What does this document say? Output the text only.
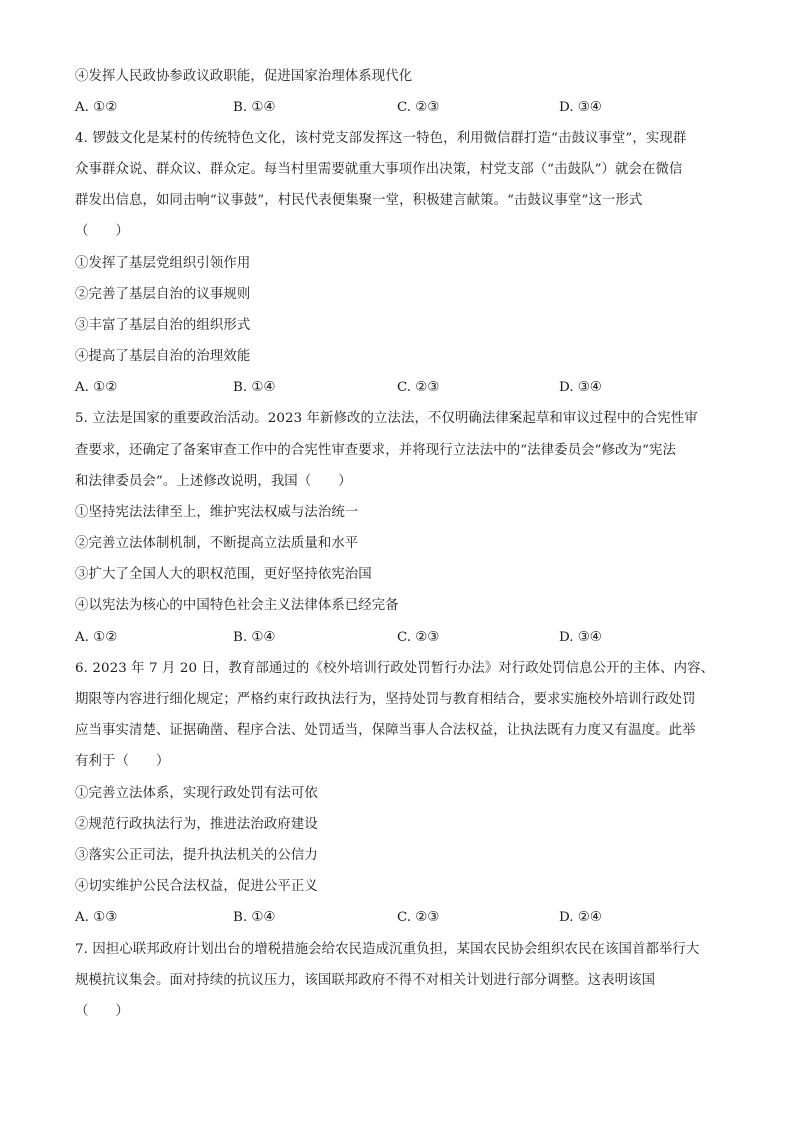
④发挥人民政协参政议政职能，促进国家治理体系现代化
A. ①②	B. ①④	C. ②③	D. ③④
4. 锣鼓文化是某村的传统特色文化，该村党支部发挥这一特色，利用微信群打造“击鼓议事堂”，实现群
众事群众说、群众议、群众定。每当村里需要就重大事项作出决策，村党支部（“击鼓队”）就会在微信
群发出信息，如同击响“议事鼓”，村民代表便集聚一堂，积极建言献策。“击鼓议事堂”这一形式
（　　）
①发挥了基层党组织引领作用
②完善了基层自治的议事规则
③丰富了基层自治的组织形式
④提高了基层自治的治理效能
A. ①②	B. ①④	C. ②③	D. ③④
5. 立法是国家的重要政治活动。2023 年新修改的立法法，不仅明确法律案起草和审议过程中的合宪性审
查要求，还确定了备案审查工作中的合宪性审查要求，并将现行立法法中的“法律委员会”修改为“宪法
和法律委员会”。上述修改说明，我国（　　）
①坚持宪法法律至上，维护宪法权威与法治统一
②完善立法体制机制，不断提高立法质量和水平
③扩大了全国人大的职权范围，更好坚持依宪治国
④以宪法为核心的中国特色社会主义法律体系已经完备
A. ①②	B. ①④	C. ②③	D. ③④
6. 2023 年 7 月 20 日，教育部通过的《校外培训行政处罚暂行办法》对行政处罚信息公开的主体、内容、
期限等内容进行细化规定；严格约束行政执法行为，坚持处罚与教育相结合，要求实施校外培训行政处罚
应当事实清楚、证据确凿、程序合法、处罚适当，保障当事人合法权益，让执法既有力度又有温度。此举
有利于（　　）
①完善立法体系，实现行政处罚有法可依
②规范行政执法行为，推进法治政府建设
③落实公正司法，提升执法机关的公信力
④切实维护公民合法权益，促进公平正义
A. ①③	B. ①④	C. ②③	D. ②④
7. 因担心联邦政府计划出台的增税措施会给农民造成沉重负担，某国农民协会组织农民在该国首都举行大
规模抗议集会。面对持续的抗议压力，该国联邦政府不得不对相关计划进行部分调整。这表明该国
（　　）
